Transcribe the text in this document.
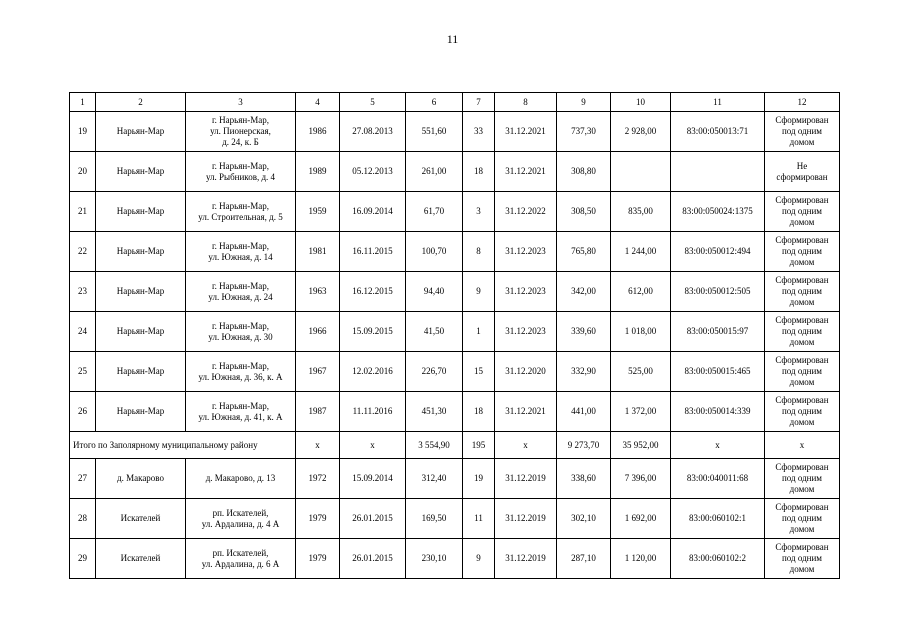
11
1	2	3	4	5	6	7	8	9	10	11	12
19	Нарьян-Мар	г. Нарьян-Мар,
ул. Пионерская,
д. 24, к. Б	1986	27.08.2013	551,60	33	31.12.2021	737,30	2 928,00	83:00:050013:71	Сформирован
под одним
домом

20	Нарьян-Мар	г. Нарьян-Мар,
ул. Рыбников, д. 4	1989	05.12.2013	261,00	18	31.12.2021	308,80			Не
сформирован

21	Нарьян-Мар	г. Нарьян-Мар,
ул. Строительная, д. 5	1959	16.09.2014	61,70	3	31.12.2022	308,50	835,00	83:00:050024:1375	Сформирован
под одним
домом

22	Нарьян-Мар	г. Нарьян-Мар,
ул. Южная, д. 14	1981	16.11.2015	100,70	8	31.12.2023	765,80	1 244,00	83:00:050012:494	Сформирован
под одним
домом

23	Нарьян-Мар	г. Нарьян-Мар,
ул. Южная, д. 24	1963	16.12.2015	94,40	9	31.12.2023	342,00	612,00	83:00:050012:505	Сформирован
под одним
домом

24	Нарьян-Мар	г. Нарьян-Мар,
ул. Южная, д. 30	1966	15.09.2015	41,50	1	31.12.2023	339,60	1 018,00	83:00:050015:97	Сформирован
под одним
домом

25	Нарьян-Мар	г. Нарьян-Мар,
ул. Южная, д. 36, к. А	1967	12.02.2016	226,70	15	31.12.2020	332,90	525,00	83:00:050015:465	Сформирован
под одним
домом

26	Нарьян-Мар	г. Нарьян-Мар,
ул. Южная, д. 41, к. А	1987	11.11.2016	451,30	18	31.12.2021	441,00	1 372,00	83:00:050014:339	Сформирован
под одним
домом

Итого по Заполярному муниципальному району			x	x	3 554,90	195	x	9 273,70	35 952,00	x	x
27	д. Макарово	д. Макарово, д. 13	1972	15.09.2014	312,40	19	31.12.2019	338,60	7 396,00	83:00:040011:68	Сформирован
под одним
домом

28	Искателей	рп. Искателей,
ул. Ардалина, д. 4 А	1979	26.01.2015	169,50	11	31.12.2019	302,10	1 692,00	83:00:060102:1	Сформирован
под одним
домом

29	Искателей	рп. Искателей,
ул. Ардалина, д. 6 А	1979	26.01.2015	230,10	9	31.12.2019	287,10	1 120,00	83:00:060102:2	Сформирован
под одним
домом
